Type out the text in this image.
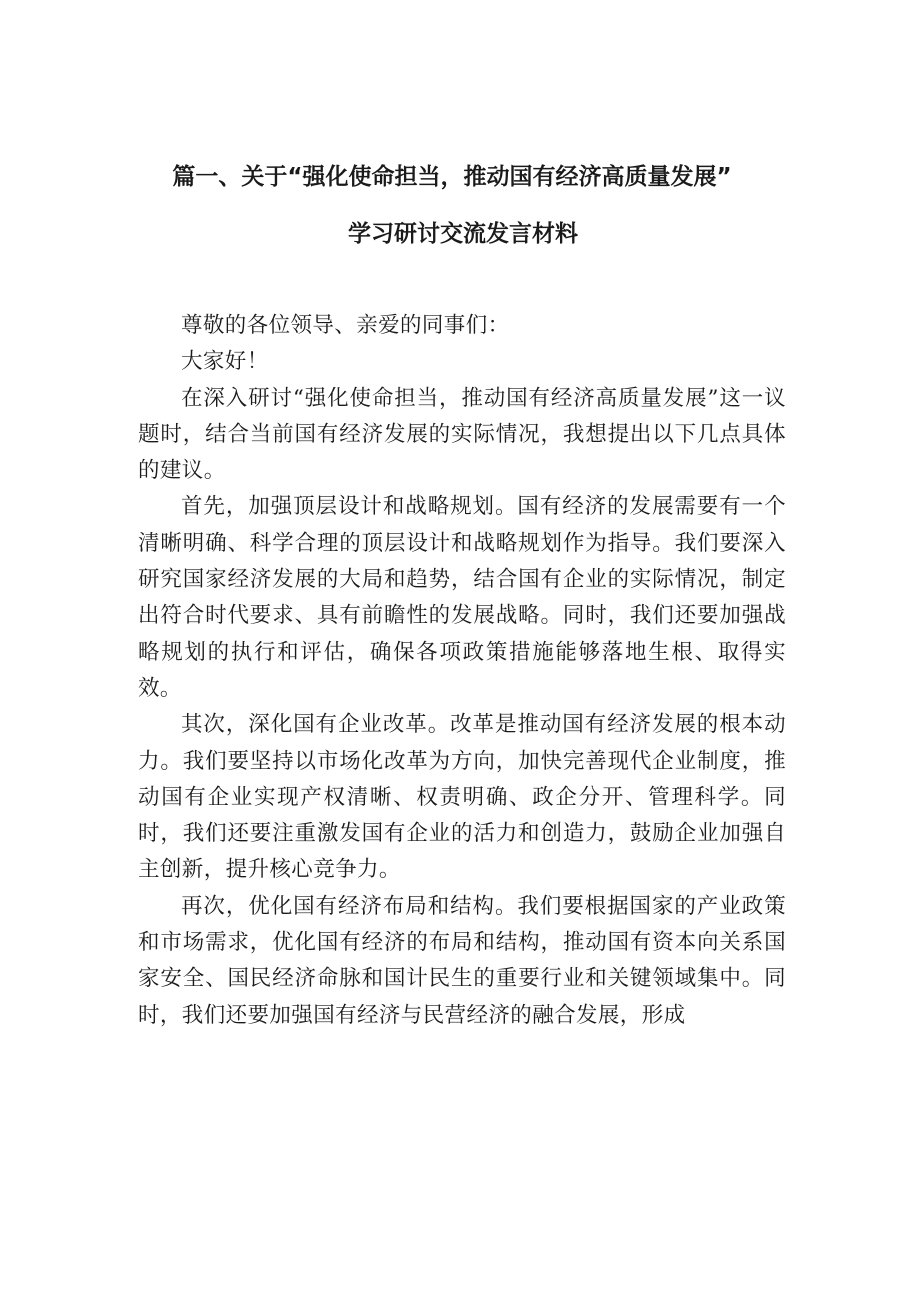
篇一、关于“强化使命担当，推动国有经济高质量发展”
学习研讨交流发言材料

尊敬的各位领导、亲爱的同事们：

大家好！

在深入研讨“强化使命担当，推动国有经济高质量发展”这一议题时，结合当前国有经济发展的实际情况，我想提出以下几点具体的建议。

首先，加强顶层设计和战略规划。国有经济的发展需要有一个清晰明确、科学合理的顶层设计和战略规划作为指导。我们要深入研究国家经济发展的大局和趋势，结合国有企业的实际情况，制定出符合时代要求、具有前瞻性的发展战略。同时，我们还要加强战略规划的执行和评估，确保各项政策措施能够落地生根、取得实效。

其次，深化国有企业改革。改革是推动国有经济发展的根本动力。我们要坚持以市场化改革为方向，加快完善现代企业制度，推动国有企业实现产权清晰、权责明确、政企分开、管理科学。同时，我们还要注重激发国有企业的活力和创造力，鼓励企业加强自主创新，提升核心竞争力。

再次，优化国有经济布局和结构。我们要根据国家的产业政策和市场需求，优化国有经济的布局和结构，推动国有资本向关系国家安全、国民经济命脉和国计民生的重要行业和关键领域集中。同时，我们还要加强国有经济与民营经济的融合发展，形成
